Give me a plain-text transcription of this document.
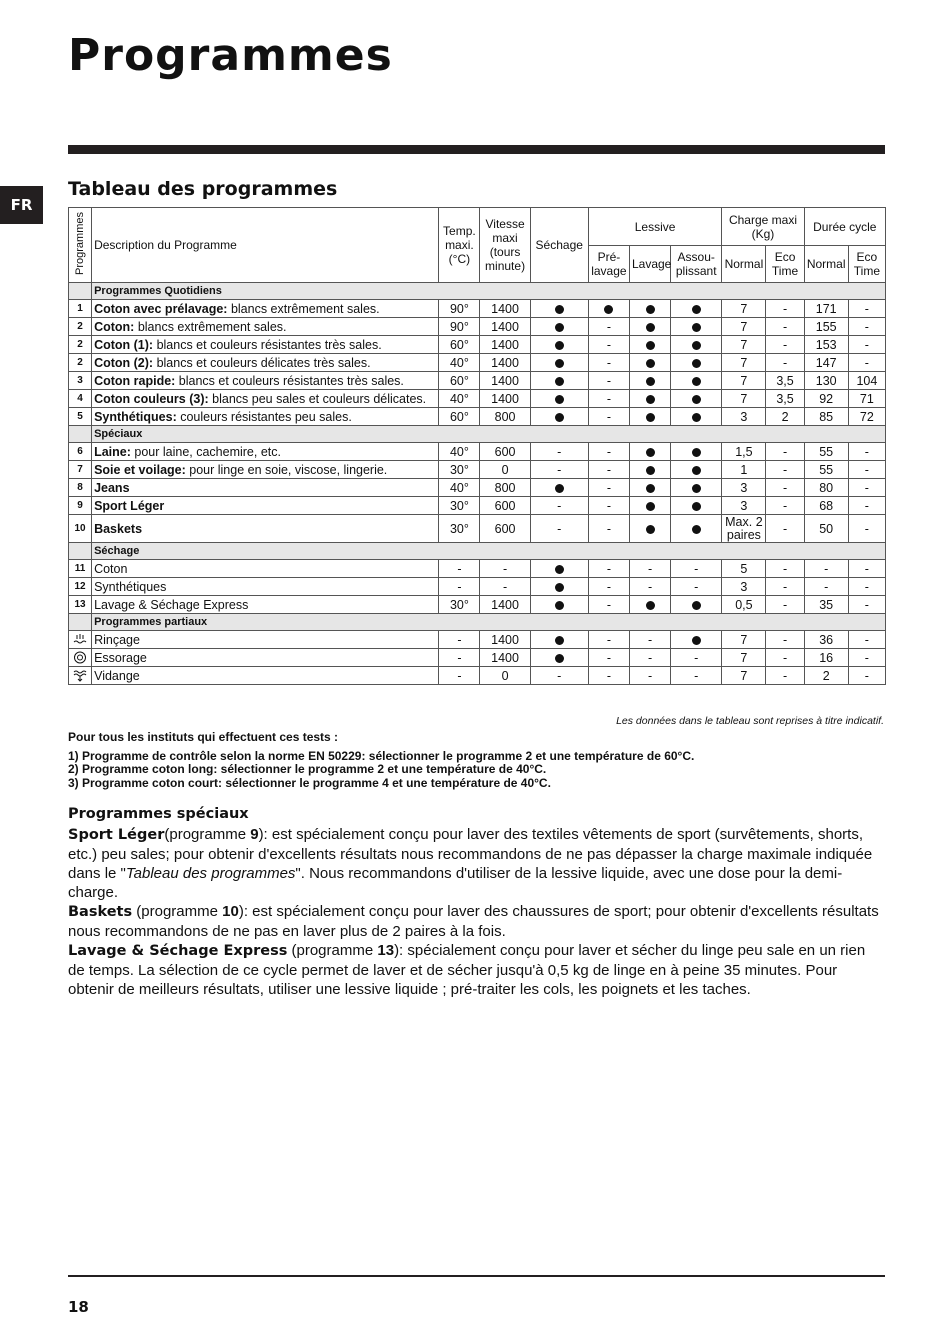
Programmes
FR
Tableau des programmes
Programmes	Description du Programme	Temp. maxi. (°C)	Vitesse maxi (tours minute)	Séchage	Lessive			Charge maxi (Kg)		Durée cycle	
					Pré- lavage	Lavage	Assou- plissant	Normal	Eco Time	Normal	Eco Time
	Programmes Quotidiens										
1	Coton avec prélavage: blancs extrêmement sales.	90°	1400					7	-	171	-
2	Coton: blancs extrêmement sales.	90°	1400		-			7	-	155	-
2	Coton (1): blancs et couleurs résistantes très sales.	60°	1400		-			7	-	153	-
2	Coton (2): blancs et couleurs délicates très sales.	40°	1400		-			7	-	147	-
3	Coton rapide: blancs et couleurs résistantes très sales.	60°	1400		-			7	3,5	130	104
4	Coton couleurs (3): blancs peu sales et couleurs délicates.	40°	1400		-			7	3,5	92	71
5	Synthétiques: couleurs résistantes peu sales.	60°	800		-			3	2	85	72
	Spéciaux										
6	Laine: pour laine, cachemire, etc.	40°	600	-	-			1,5	-	55	-
7	Soie et voilage: pour linge en soie, viscose, lingerie.	30°	0	-	-			1	-	55	-
8	Jeans	40°	800		-			3	-	80	-
9	Sport Léger	30°	600	-	-			3	-	68	-
10	Baskets	30°	600	-	-			Max. 2 paires	-	50	-
	Séchage										
11	Coton	-	-		-	-	-	5	-	-	-
12	Synthétiques	-	-		-	-	-	3	-	-	-
13	Lavage & Séchage Express	30°	1400		-			0,5	-	35	-
	Programmes partiaux										

	Rinçage	-	1400		-	-		7	-	36	-

	Essorage	-	1400		-	-	-	7	-	16	-

	Vidange	-	0	-	-	-	-	7	-	2	-
Les données dans le tableau sont reprises à titre indicatif.
Pour tous les instituts qui effectuent ces tests :
1) Programme de contrôle selon la norme EN 50229: sélectionner le programme 2 et une température de 60°C.
2) Programme coton long: sélectionner le programme 2 et une température de 40°C.
3) Programme coton court: sélectionner le programme 4 et une température de 40°C.
Programmes spéciaux

Sport Léger(programme 9): est spécialement conçu pour laver des textiles vêtements de sport (survêtements, shorts, etc.) peu sales; pour obtenir d'excellents résultats nous recommandons de ne pas dépasser la charge maximale indiquée dans le "Tableau des programmes". Nous recommandons d'utiliser de la lessive liquide, avec une dose pour la demi-charge.

Baskets (programme 10): est spécialement conçu pour laver des chaussures de sport; pour obtenir d'excellents résultats nous recommandons de ne pas en laver plus de 2 paires à la fois.

Lavage & Séchage Express (programme 13): spécialement conçu pour laver et sécher du linge peu sale en un rien de temps. La sélection de ce cycle permet de laver et de sécher jusqu'à 0,5 kg de linge en à peine 35 minutes. Pour obtenir de meilleurs résultats, utiliser une lessive liquide ; pré-traiter les cols, les poignets et les taches.

18
